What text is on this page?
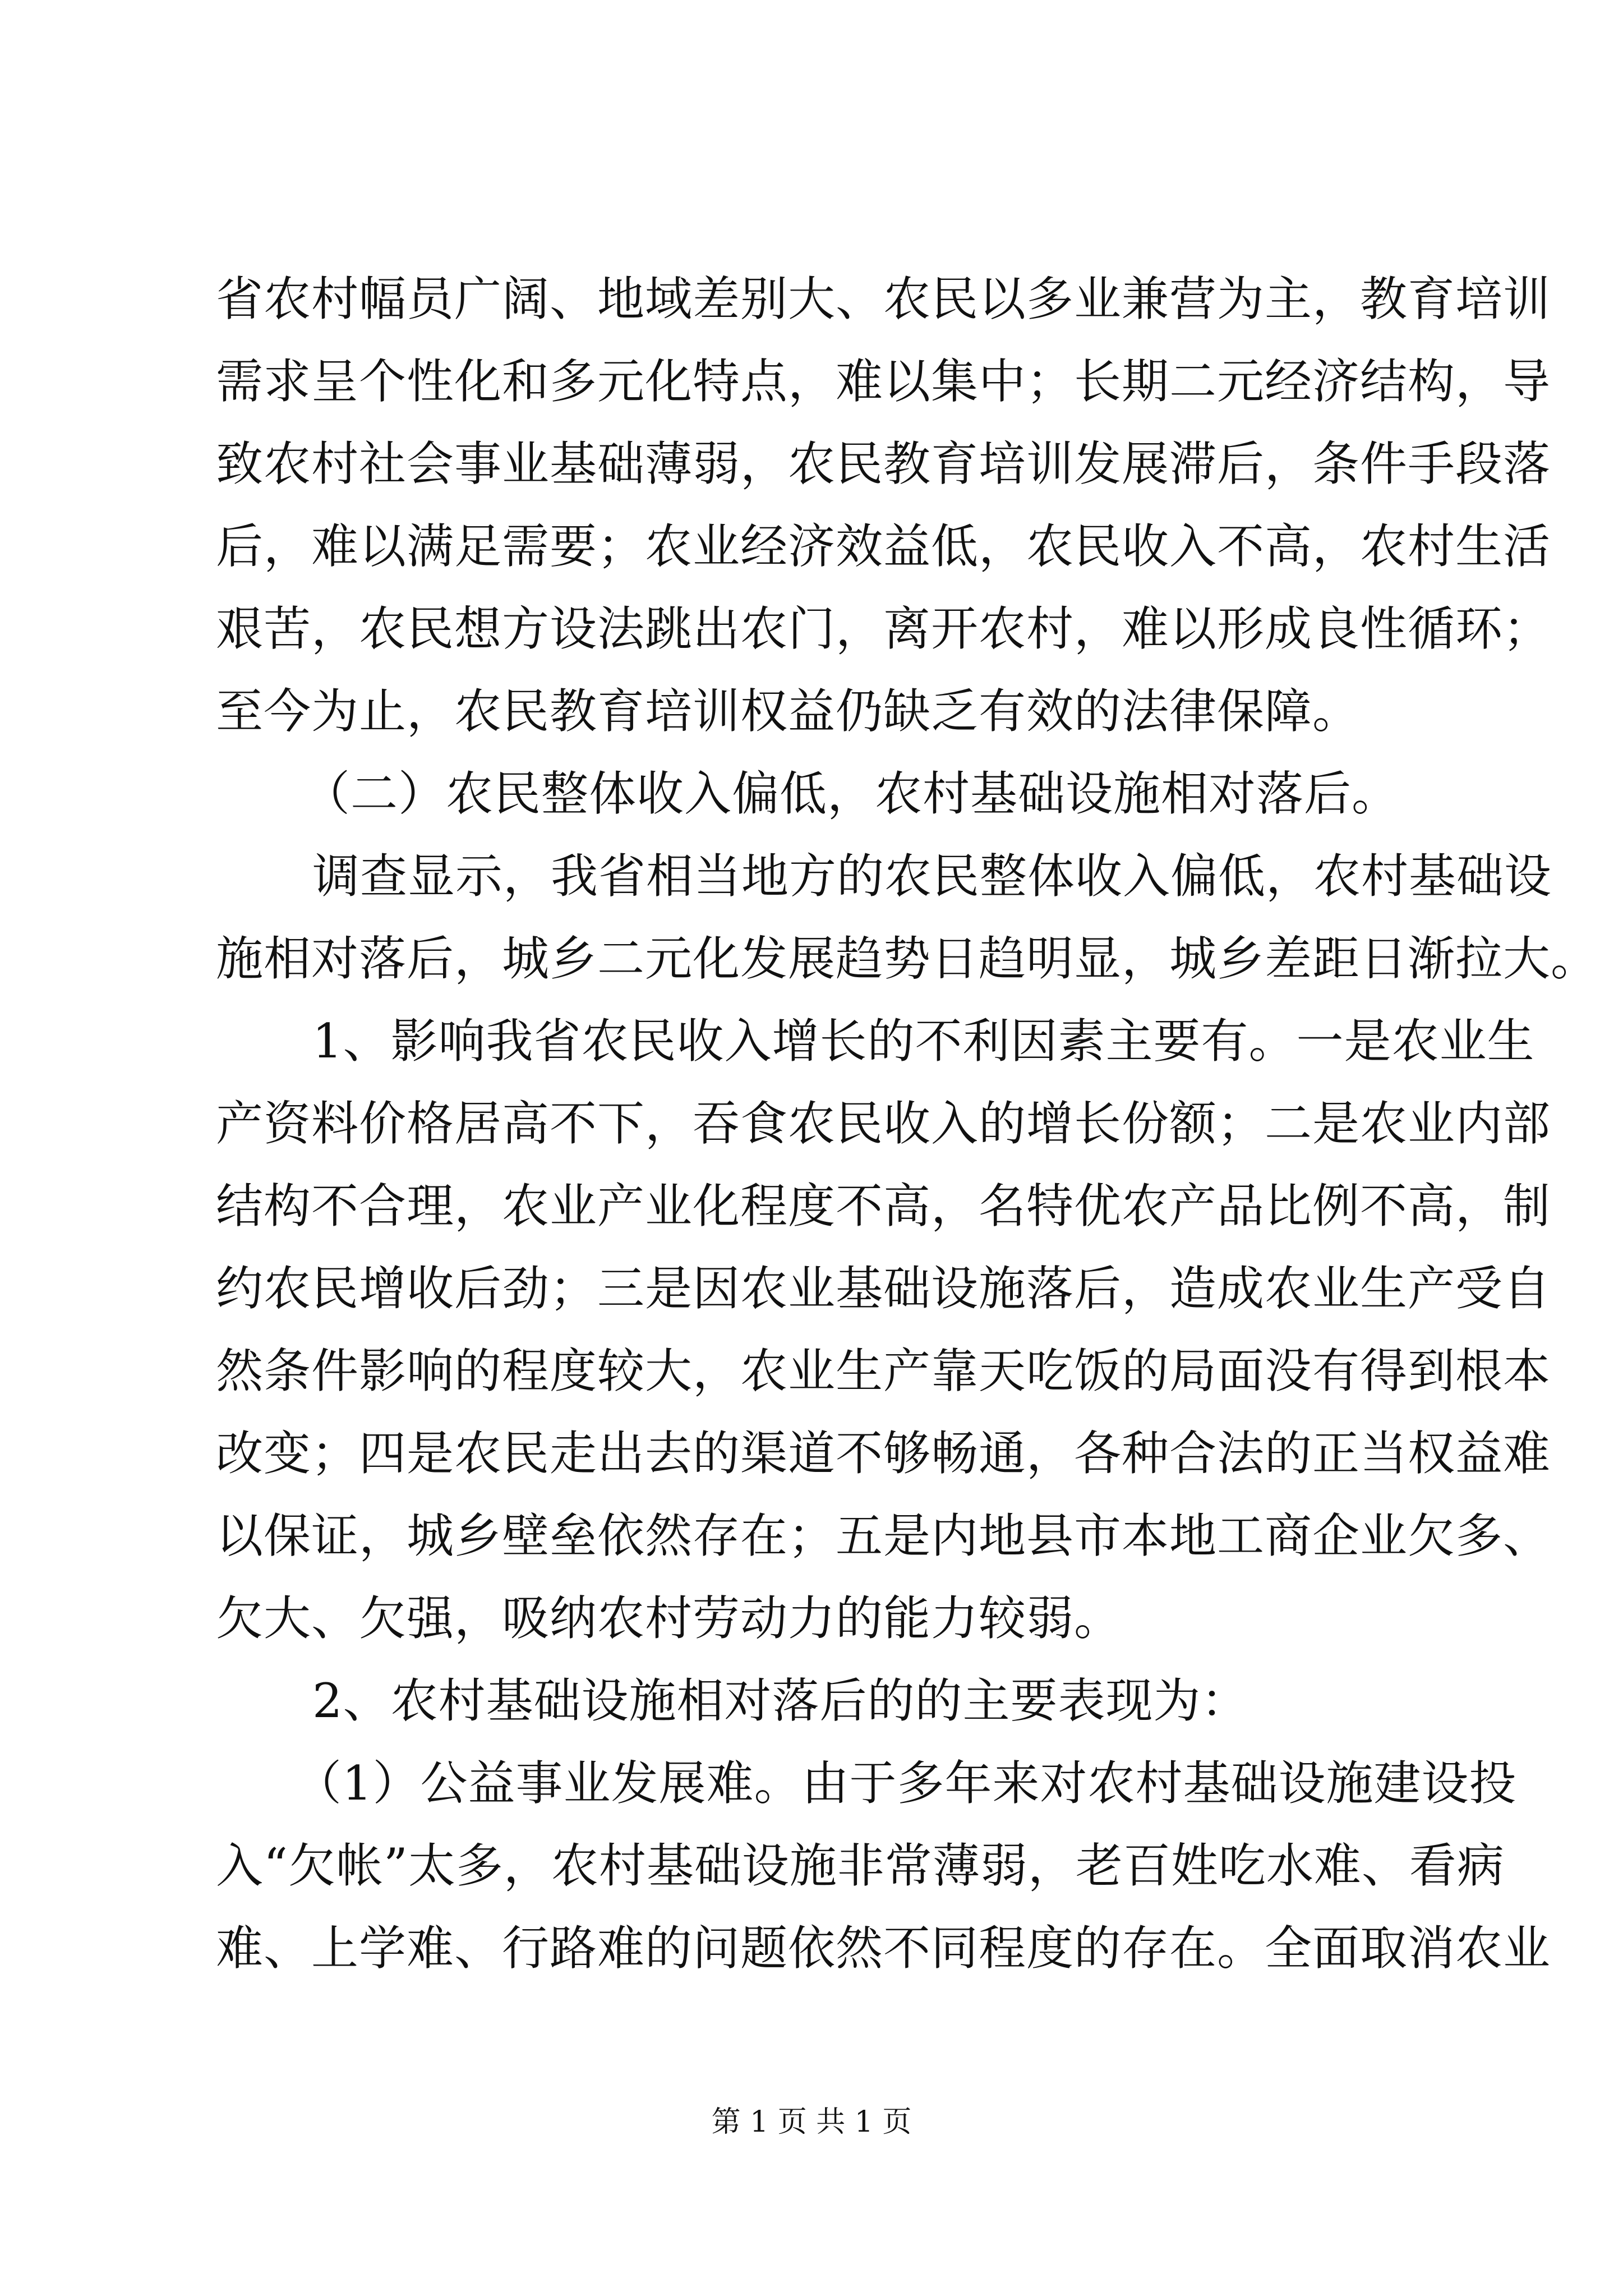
省农村幅员广阔、地域差别大、农民以多业兼营为主，教育培训
需求呈个性化和多元化特点，难以集中；长期二元经济结构，导
致农村社会事业基础薄弱，农民教育培训发展滞后，条件手段落
后，难以满足需要；农业经济效益低，农民收入不高，农村生活
艰苦，农民想方设法跳出农门，离开农村，难以形成良性循环；
至今为止，农民教育培训权益仍缺乏有效的法律保障。
（二）农民整体收入偏低，农村基础设施相对落后。
调查显示，我省相当地方的农民整体收入偏低，农村基础设
施相对落后，城乡二元化发展趋势日趋明显，城乡差距日渐拉大。
1、影响我省农民收入增长的不利因素主要有。一是农业生
产资料价格居高不下，吞食农民收入的增长份额；二是农业内部
结构不合理，农业产业化程度不高，名特优农产品比例不高，制
约农民增收后劲；三是因农业基础设施落后，造成农业生产受自
然条件影响的程度较大，农业生产靠天吃饭的局面没有得到根本
改变；四是农民走出去的渠道不够畅通，各种合法的正当权益难
以保证，城乡壁垒依然存在；五是内地县市本地工商企业欠多、
欠大、欠强，吸纳农村劳动力的能力较弱。
2、农村基础设施相对落后的的主要表现为：
（1）公益事业发展难。由于多年来对农村基础设施建设投
入“欠帐”太多，农村基础设施非常薄弱，老百姓吃水难、看病
难、上学难、行路难的问题依然不同程度的存在。全面取消农业
第 1 页 共 1 页
